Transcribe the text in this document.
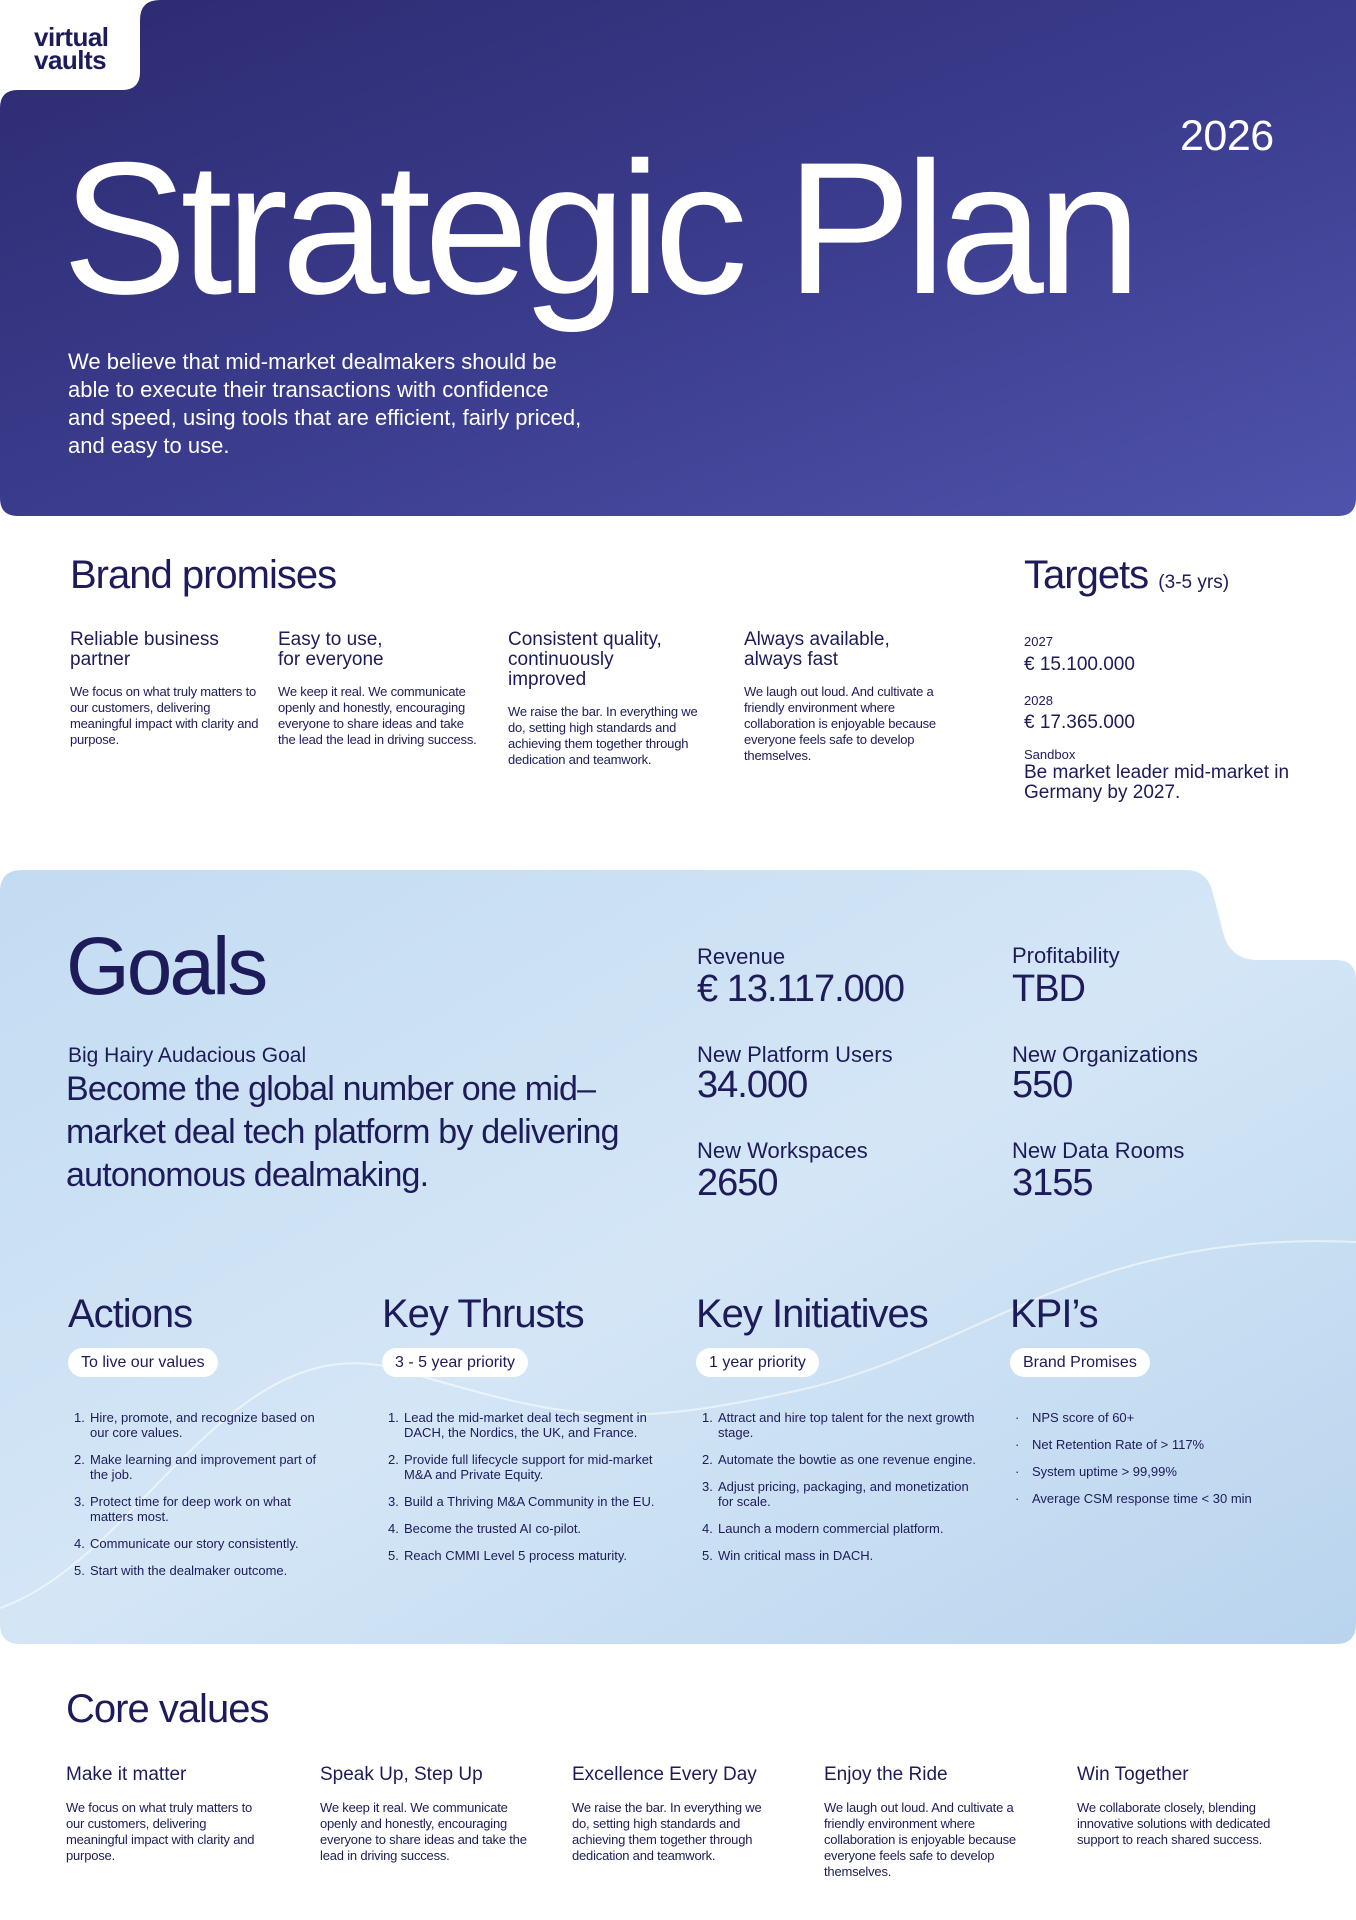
virtual
vaults
2026
Strategic Plan
We believe that mid-market dealmakers should be able to execute their transactions with confidence and speed, using tools that are efficient, fairly priced, and easy to use.
Brand promises
Reliable business partner
We focus on what truly matters to our customers, delivering meaningful impact with clarity and purpose.
Easy to use, for everyone
We keep it real. We communicate openly and honestly, encouraging everyone to share ideas and take the lead the lead in driving success.
Consistent quality, continuously improved
We raise the bar. In everything we do, setting high standards and achieving them together through dedication and teamwork.
Always available, always fast
We laugh out loud. And cultivate a friendly environment where collaboration is enjoyable because everyone feels safe to develop themselves.
Targets (3-5 yrs)
2027
€ 15.100.000
2028
€ 17.365.000
Sandbox
Be market leader mid-market in Germany by 2027.
Goals
Big Hairy Audacious Goal
Become the global number one mid–market deal tech platform by delivering autonomous dealmaking.
Revenue
€ 13.117.000
Profitability
TBD
New Platform Users
34.000
New Organizations
550
New Workspaces
2650
New Data Rooms
3155
Actions
To live our values
1. Hire, promote, and recognize based on our core values.
2. Make learning and improvement part of the job.
3. Protect time for deep work on what matters most.
4. Communicate our story consistently.
5. Start with the dealmaker outcome.
Key Thrusts
3 - 5 year priority
1. Lead the mid-market deal tech segment in DACH, the Nordics, the UK, and France.
2. Provide full lifecycle support for mid-market M&A and Private Equity.
3. Build a Thriving M&A Community in the EU.
4. Become the trusted AI co-pilot.
5. Reach CMMI Level 5 process maturity.
Key Initiatives
1 year priority
1. Attract and hire top talent for the next growth stage.
2. Automate the bowtie as one revenue engine.
3. Adjust pricing, packaging, and monetization for scale.
4. Launch a modern commercial platform.
5. Win critical mass in DACH.
KPI’s
Brand Promises
· NPS score of 60+
· Net Retention Rate of > 117%
· System uptime > 99,99%
· Average CSM response time < 30 min
Core values
Make it matter
We focus on what truly matters to our customers, delivering meaningful impact with clarity and purpose.
Speak Up, Step Up
We keep it real. We communicate openly and honestly, encouraging everyone to share ideas and take the lead in driving success.
Excellence Every Day
We raise the bar. In everything we do, setting high standards and achieving them together through dedication and teamwork.
Enjoy the Ride
We laugh out loud. And cultivate a friendly environment where collaboration is enjoyable because everyone feels safe to develop themselves.
Win Together
We collaborate closely, blending innovative solutions with dedicated support to reach shared success.
